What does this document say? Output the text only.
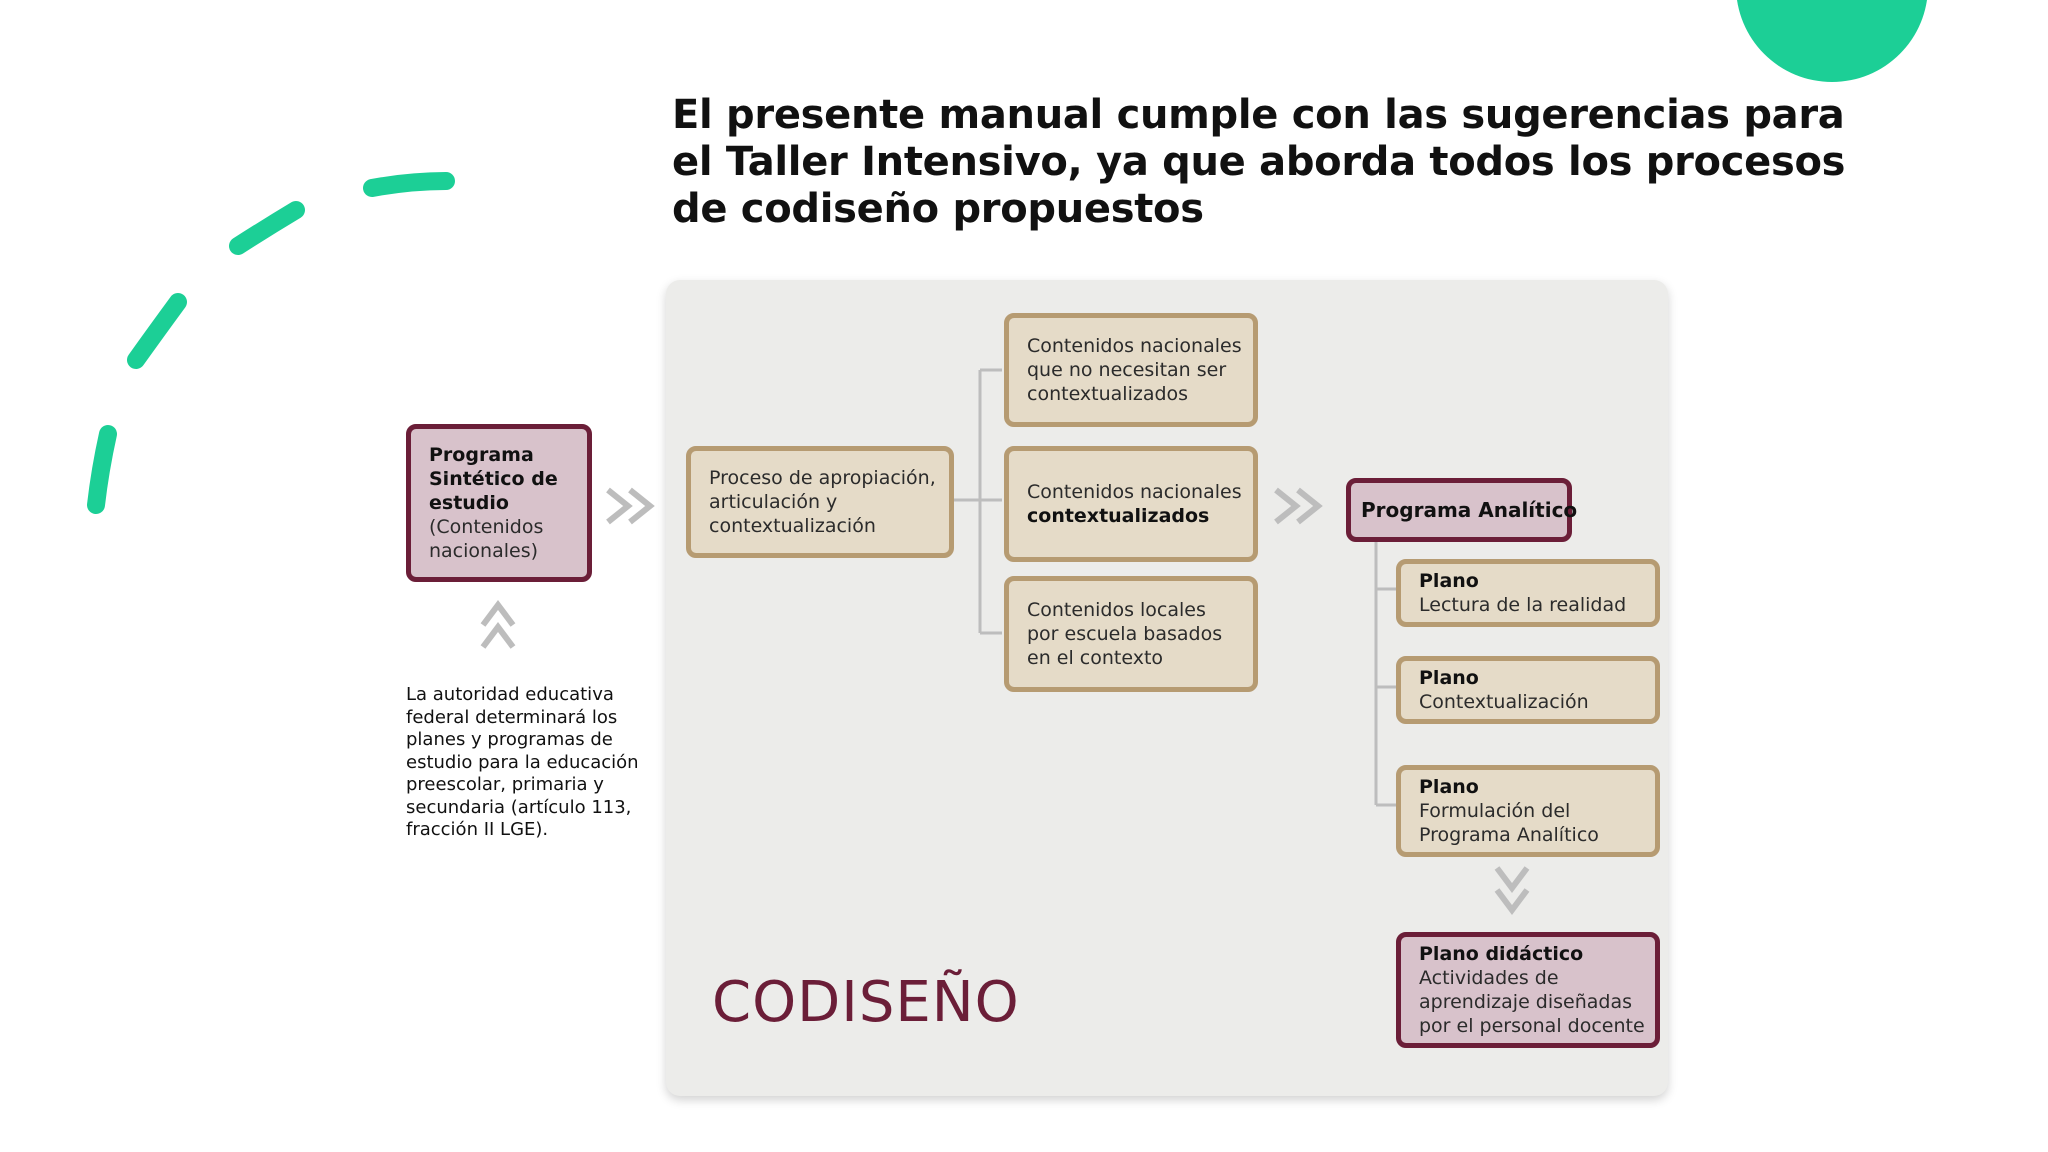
El presente manual cumple con las sugerencias para
el Taller Intensivo, ya que aborda todos los procesos
de codiseño propuestos
Programa
Sintético de
estudio
(Contenidos
nacionales)
La autoridad educativa
federal determinará los
planes y programas de
estudio para la educación
preescolar, primaria y
secundaria (artículo 113,
fracción II LGE).
Proceso de apropiación,
articulación y
contextualización
Contenidos nacionales
que no necesitan ser
contextualizados
Contenidos nacionales
contextualizados
Contenidos locales
por escuela basados
en el contexto
Programa Analítico
Plano
Lectura de la realidad
Plano
Contextualización
Plano
Formulación del
Programa Analítico
Plano didáctico
Actividades de
aprendizaje diseñadas
por el personal docente
CODISEÑO
